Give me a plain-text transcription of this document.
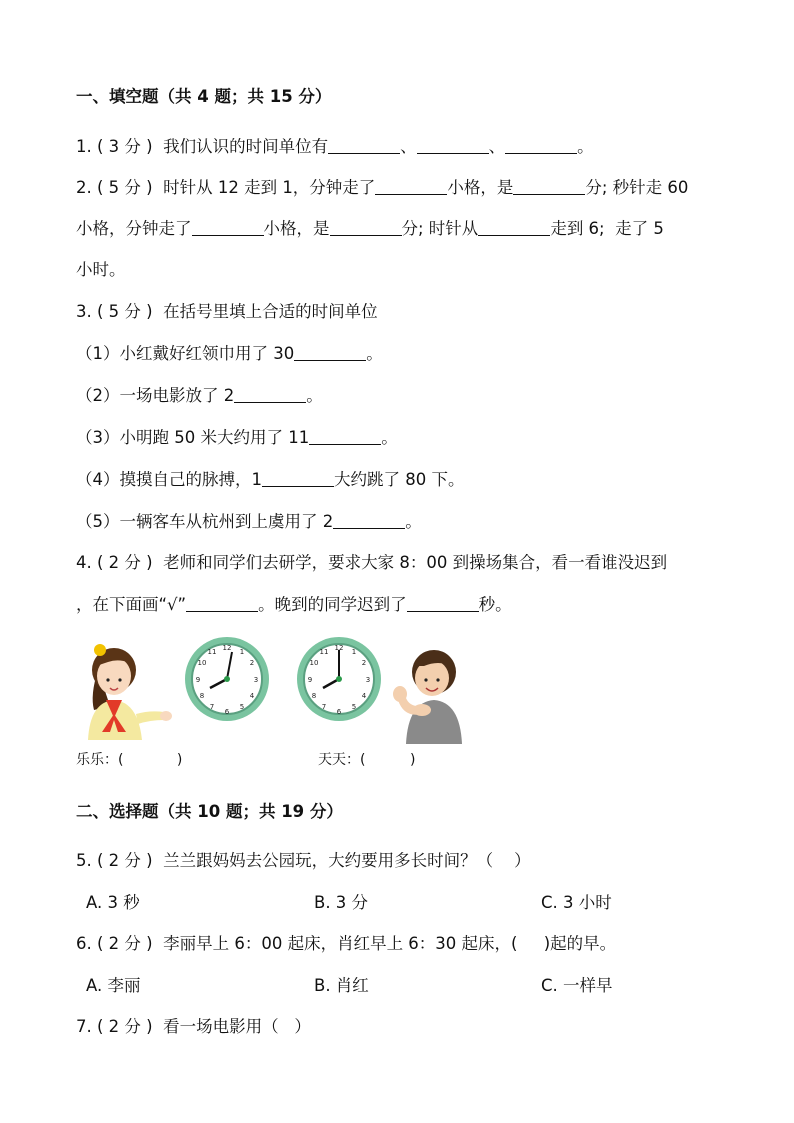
一、填空题（共 4 题；共 15 分）
1. ( 3 分 )  我们认识的时间单位有	、	、	。
2. ( 5 分 )  时针从 12 走到 1，分钟走了	小格，是	分; 秒针走 60
小格，分钟走了	小格，是	分; 时针从	走到 6;  走了 5
小时。
3. ( 5 分 )  在括号里填上合适的时间单位
（1）小红戴好红领巾用了 30	。
（2）一场电影放了 2	。
（3）小明跑 50 米大约用了 11	。
（4）摸摸自己的脉搏，1	大约跳了 80 下。
（5）一辆客车从杭州到上虞用了 2	。
4. ( 2 分 )  老师和同学们去研学，要求大家 8：00 到操场集合，看一看谁没迟到
，在下面画“√”	。晚到的同学迟到了	秒。
12 1
2
3
4
5
6
7
8
9
10
11	12 1
2
3
4
5
6
7
8
9
10
11
乐乐：(            )	天天：(          )
二、选择题（共 10 题；共 19 分）
5. ( 2 分 )  兰兰跟妈妈去公园玩，大约要用多长时间？（    ）
A. 3 秒	B. 3 分	C. 3 小时
6. ( 2 分 )  李丽早上 6：00 起床，肖红早上 6：30 起床，(     )起的早。
A. 李丽	B. 肖红	C. 一样早
7. ( 2 分 )  看一场电影用（   ）
